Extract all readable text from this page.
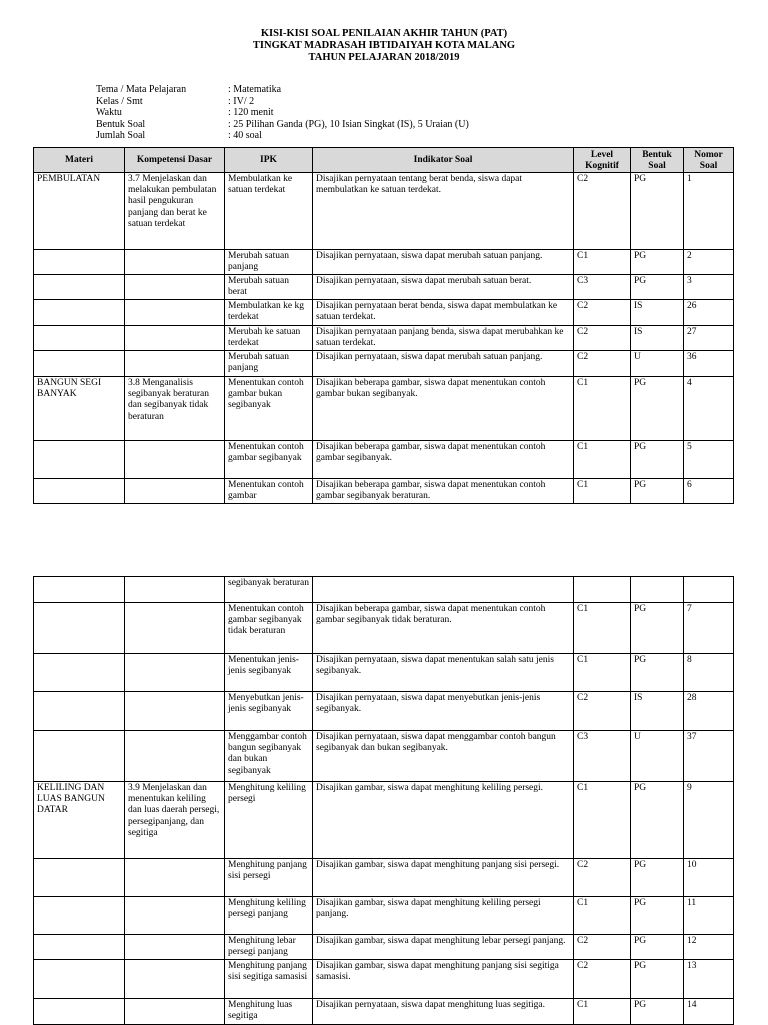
KISI-KISI SOAL PENILAIAN AKHIR TAHUN (PAT)
TINGKAT MADRASAH IBTIDAIYAH KOTA MALANG
TAHUN PELAJARAN 2018/2019
Tema / Mata Pelajaran	: Matematika
Kelas / Smt	: IV/ 2
Waktu	: 120 menit
Bentuk Soal	: 25 Pilihan Ganda (PG), 10 Isian Singkat (IS), 5 Uraian (U)
Jumlah Soal	: 40 soal
Materi	Kompetensi Dasar	IPK	Indikator Soal	Level Kognitif	Bentuk Soal	Nomor Soal
PEMBULATAN	3.7 Menjelaskan dan melakukan pembulatan hasil pengukuran panjang dan berat ke satuan terdekat	Membulatkan ke satuan terdekat	Disajikan pernyataan tentang berat benda, siswa dapat membulatkan ke satuan terdekat.	C2	PG	1
		Merubah satuan panjang	Disajikan pernyataan, siswa dapat merubah satuan panjang.	C1	PG	2
		Merubah satuan berat	Disajikan pernyataan, siswa dapat merubah satuan berat.	C3	PG	3
		Membulatkan ke kg terdekat	Disajikan pernyataan berat benda, siswa dapat membulatkan ke satuan terdekat.	C2	IS	26
		Merubah ke satuan terdekat	Disajikan pernyataan panjang benda, siswa dapat merubahkan ke satuan terdekat.	C2	IS	27
		Merubah satuan panjang	Disajikan pernyataan, siswa dapat merubah satuan panjang.	C2	U	36
BANGUN SEGI BANYAK	3.8 Menganalisis segibanyak beraturan dan segibanyak tidak beraturan	Menentukan contoh gambar bukan segibanyak	Disajikan beberapa gambar, siswa dapat menentukan contoh gambar bukan segibanyak.	C1	PG	4
		Menentukan contoh gambar segibanyak	Disajikan beberapa gambar, siswa dapat menentukan contoh gambar segibanyak.	C1	PG	5
		Menentukan contoh gambar	Disajikan beberapa gambar, siswa dapat menentukan contoh gambar segibanyak beraturan.	C1	PG	6
		segibanyak beraturan				
		Menentukan contoh gambar segibanyak tidak beraturan	Disajikan beberapa gambar, siswa dapat menentukan contoh gambar segibanyak tidak beraturan.	C1	PG	7
		Menentukan jenis-jenis segibanyak	Disajikan pernyataan, siswa dapat menentukan salah satu jenis segibanyak.	C1	PG	8
		Menyebutkan jenis-jenis segibanyak	Disajikan pernyataan, siswa dapat menyebutkan jenis-jenis segibanyak.	C2	IS	28
		Menggambar contoh bangun segibanyak dan bukan segibanyak	Disajikan pernyataan, siswa dapat menggambar contoh bangun segibanyak dan bukan segibanyak.	C3	U	37
KELILING DAN LUAS BANGUN DATAR	3.9 Menjelaskan dan menentukan keliling dan luas daerah persegi, persegipanjang, dan segitiga	Menghitung keliling persegi	Disajikan gambar, siswa dapat menghitung keliling persegi.	C1	PG	9
		Menghitung panjang sisi persegi	Disajikan gambar, siswa dapat menghitung panjang sisi persegi.	C2	PG	10
		Menghitung keliling persegi panjang	Disajikan gambar, siswa dapat menghitung keliling persegi panjang.	C1	PG	11
		Menghitung lebar persegi panjang	Disajikan gambar, siswa dapat menghitung lebar persegi panjang.	C2	PG	12
		Menghitung panjang sisi segitiga samasisi	Disajikan gambar, siswa dapat menghitung panjang sisi segitiga samasisi.	C2	PG	13
		Menghitung luas segitiga	Disajikan pernyataan, siswa dapat menghitung luas segitiga.	C1	PG	14
